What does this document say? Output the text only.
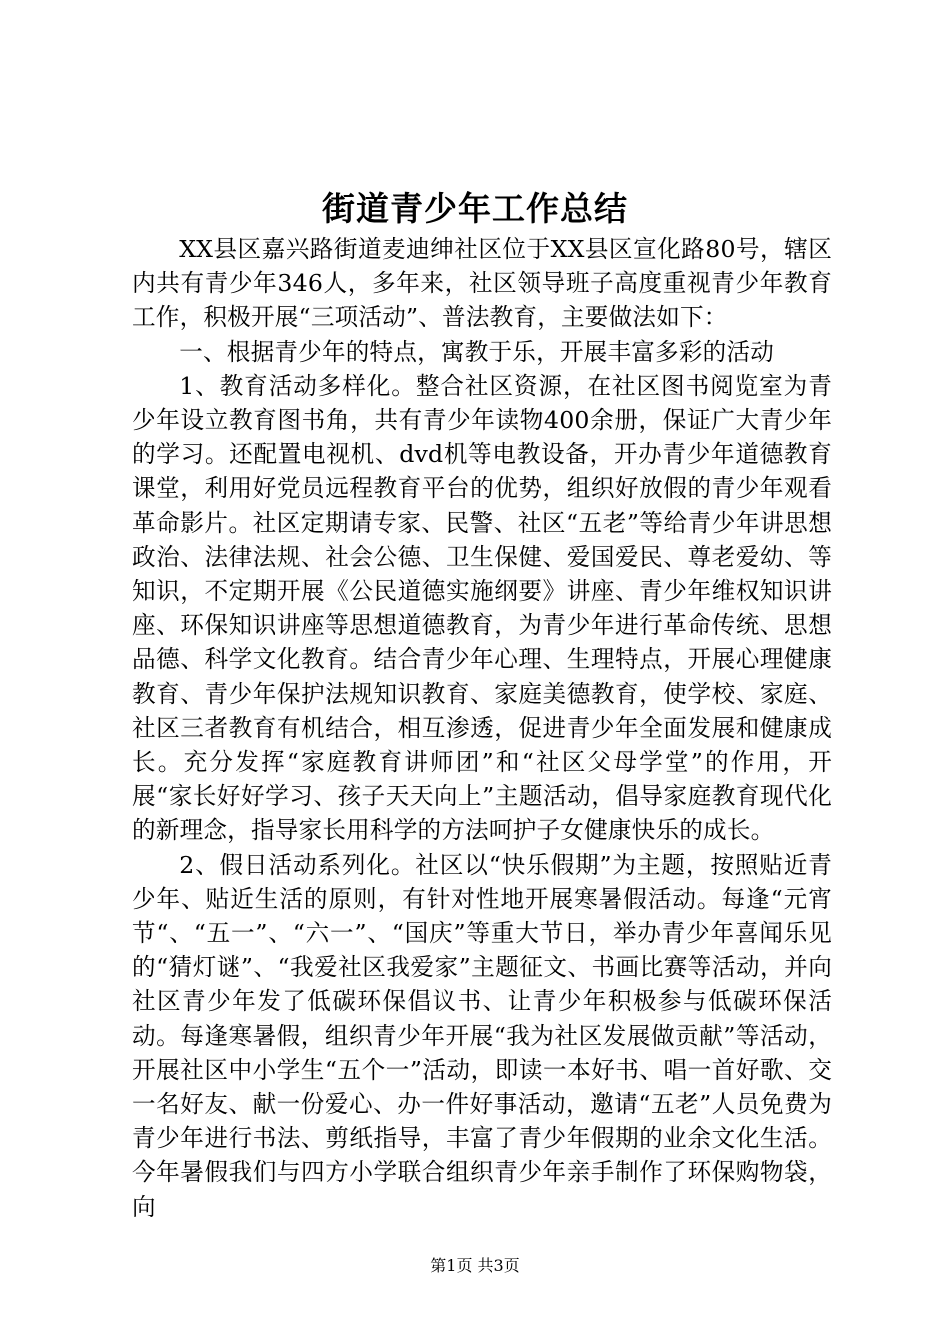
街道青少年工作总结

XX县区嘉兴路街道麦迪绅社区位于XX县区宣化路80号，辖区内共有青少年346人，多年来，社区领导班子高度重视青少年教育工作，积极开展“三项活动”、普法教育，主要做法如下：

一、根据青少年的特点，寓教于乐，开展丰富多彩的活动

1、教育活动多样化。整合社区资源，在社区图书阅览室为青少年设立教育图书角，共有青少年读物400余册，保证广大青少年的学习。还配置电视机、dvd机等电教设备，开办青少年道德教育课堂，利用好党员远程教育平台的优势，组织好放假的青少年观看革命影片。社区定期请专家、民警、社区“五老”等给青少年讲思想政治、法律法规、社会公德、卫生保健、爱国爱民、尊老爱幼、等知识，不定期开展《公民道德实施纲要》讲座、青少年维权知识讲座、环保知识讲座等思想道德教育，为青少年进行革命传统、思想品德、科学文化教育。结合青少年心理、生理特点，开展心理健康教育、青少年保护法规知识教育、家庭美德教育，使学校、家庭、社区三者教育有机结合，相互渗透，促进青少年全面发展和健康成长。充分发挥“家庭教育讲师团”和“社区父母学堂”的作用，开展“家长好好学习、孩子天天向上”主题活动，倡导家庭教育现代化的新理念，指导家长用科学的方法呵护子女健康快乐的成长。

2、假日活动系列化。社区以“快乐假期”为主题，按照贴近青少年、贴近生活的原则，有针对性地开展寒暑假活动。每逢“元宵节“、“五一”、“六一”、“国庆”等重大节日，举办青少年喜闻乐见的“猜灯谜”、“我爱社区我爱家”主题征文、书画比赛等活动，并向社区青少年发了低碳环保倡议书、让青少年积极参与低碳环保活动。每逢寒暑假，组织青少年开展“我为社区发展做贡献”等活动，开展社区中小学生“五个一”活动，即读一本好书、唱一首好歌、交一名好友、献一份爱心、办一件好事活动，邀请“五老”人员免费为青少年进行书法、剪纸指导，丰富了青少年假期的业余文化生活。今年暑假我们与四方小学联合组织青少年亲手制作了环保购物袋，向

第1页 共3页
